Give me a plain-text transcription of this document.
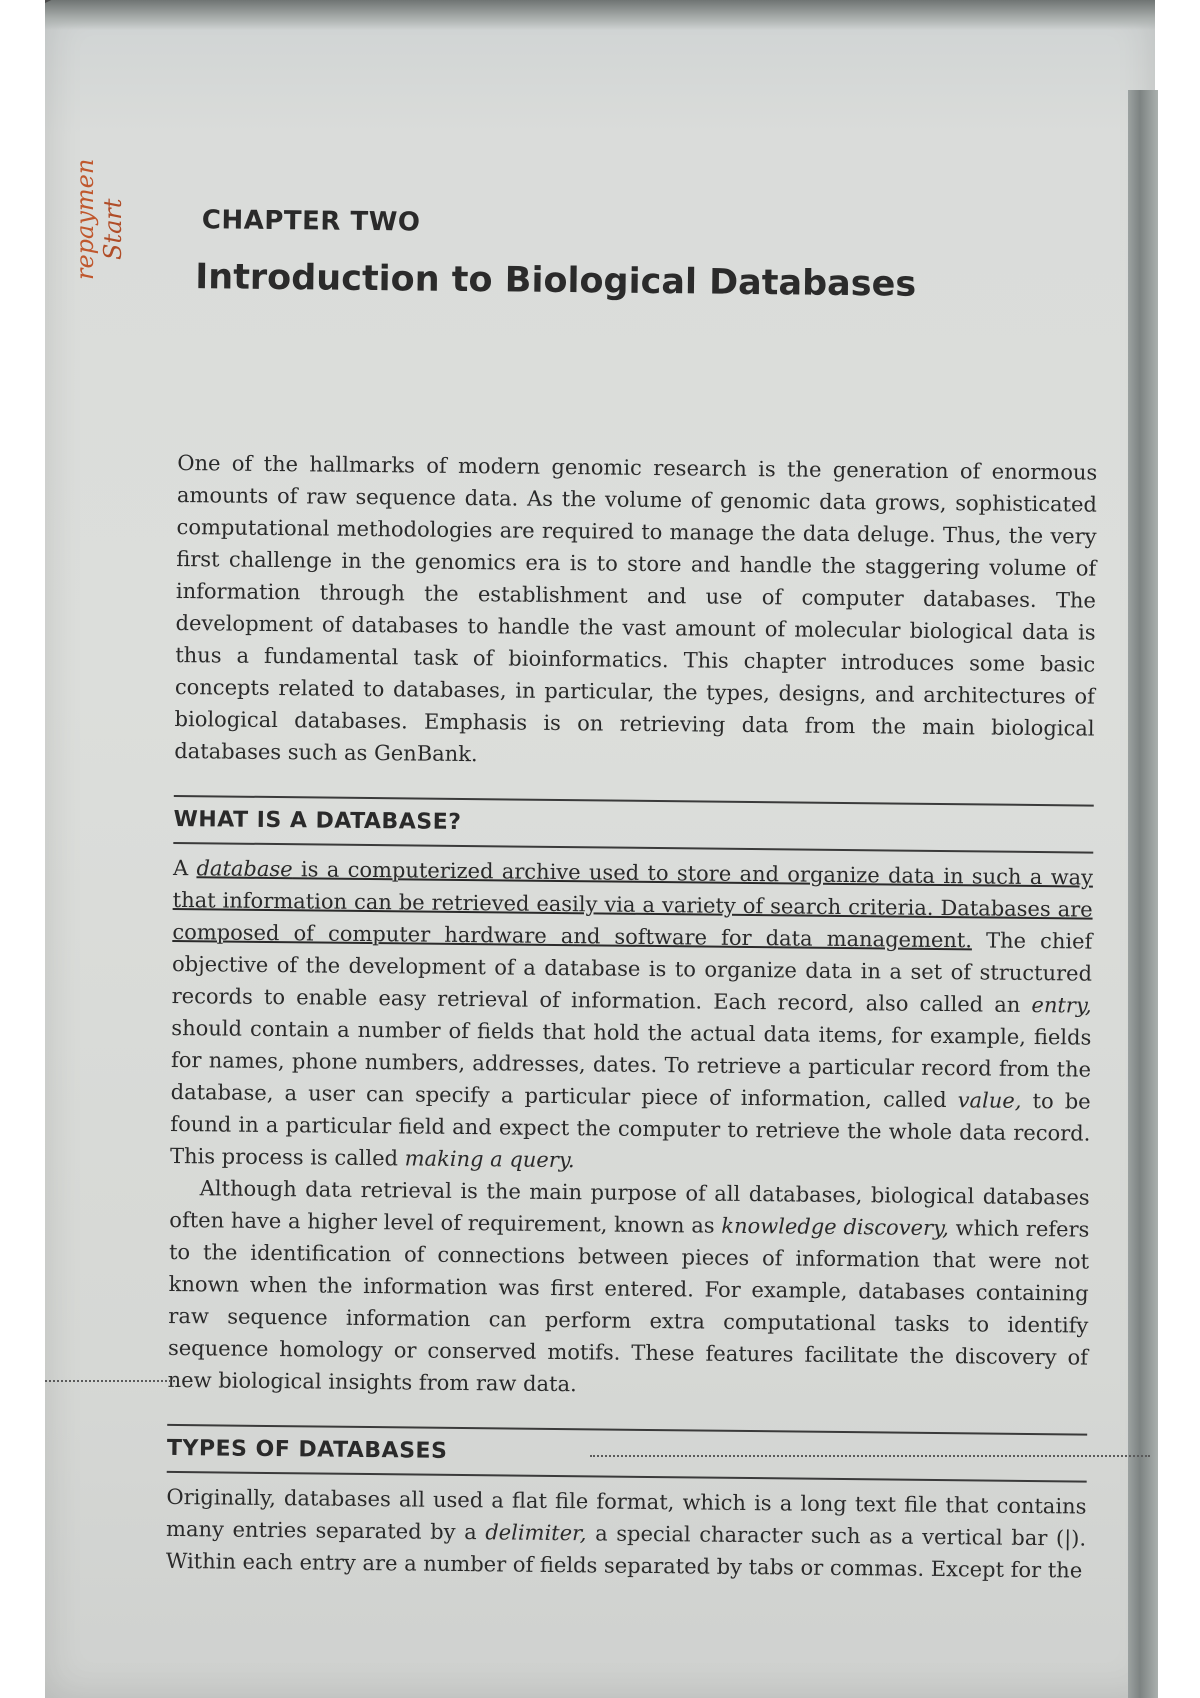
repaymen Start	CHAPTER TWO
Introduction to Biological Databases

One of the hallmarks of modern genomic research is the generation of enormous amounts of raw sequence data. As the volume of genomic data grows, sophisticated computational methodologies are required to manage the data deluge. Thus, the very first challenge in the genomics era is to store and handle the staggering volume of information through the establishment and use of computer databases. The development of databases to handle the vast amount of molecular biological data is thus a fundamental task of bioinformatics. This chapter introduces some basic concepts related to databases, in particular, the types, designs, and architectures of biological databases. Emphasis is on retrieving data from the main biological databases such as GenBank.

WHAT IS A DATABASE?

A database is a computerized archive used to store and organize data in such a way that information can be retrieved easily via a variety of search criteria. Databases are composed of computer hardware and software for data management. The chief objective of the development of a database is to organize data in a set of structured records to enable easy retrieval of information. Each record, also called an entry, should contain a number of fields that hold the actual data items, for example, fields for names, phone numbers, addresses, dates. To retrieve a particular record from the database, a user can specify a particular piece of information, called value, to be found in a particular field and expect the computer to retrieve the whole data record. This process is called making a query.

Although data retrieval is the main purpose of all databases, biological databases often have a higher level of requirement, known as knowledge discovery, which refers to the identification of connections between pieces of information that were not known when the information was first entered. For example, databases containing raw sequence information can perform extra computational tasks to identify sequence homology or conserved motifs. These features facilitate the discovery of new biological insights from raw data.

TYPES OF DATABASES

Originally, databases all used a flat file format, which is a long text file that contains many entries separated by a delimiter, a special character such as a vertical bar (|). Within each entry are a number of fields separated by tabs or commas. Except for the
